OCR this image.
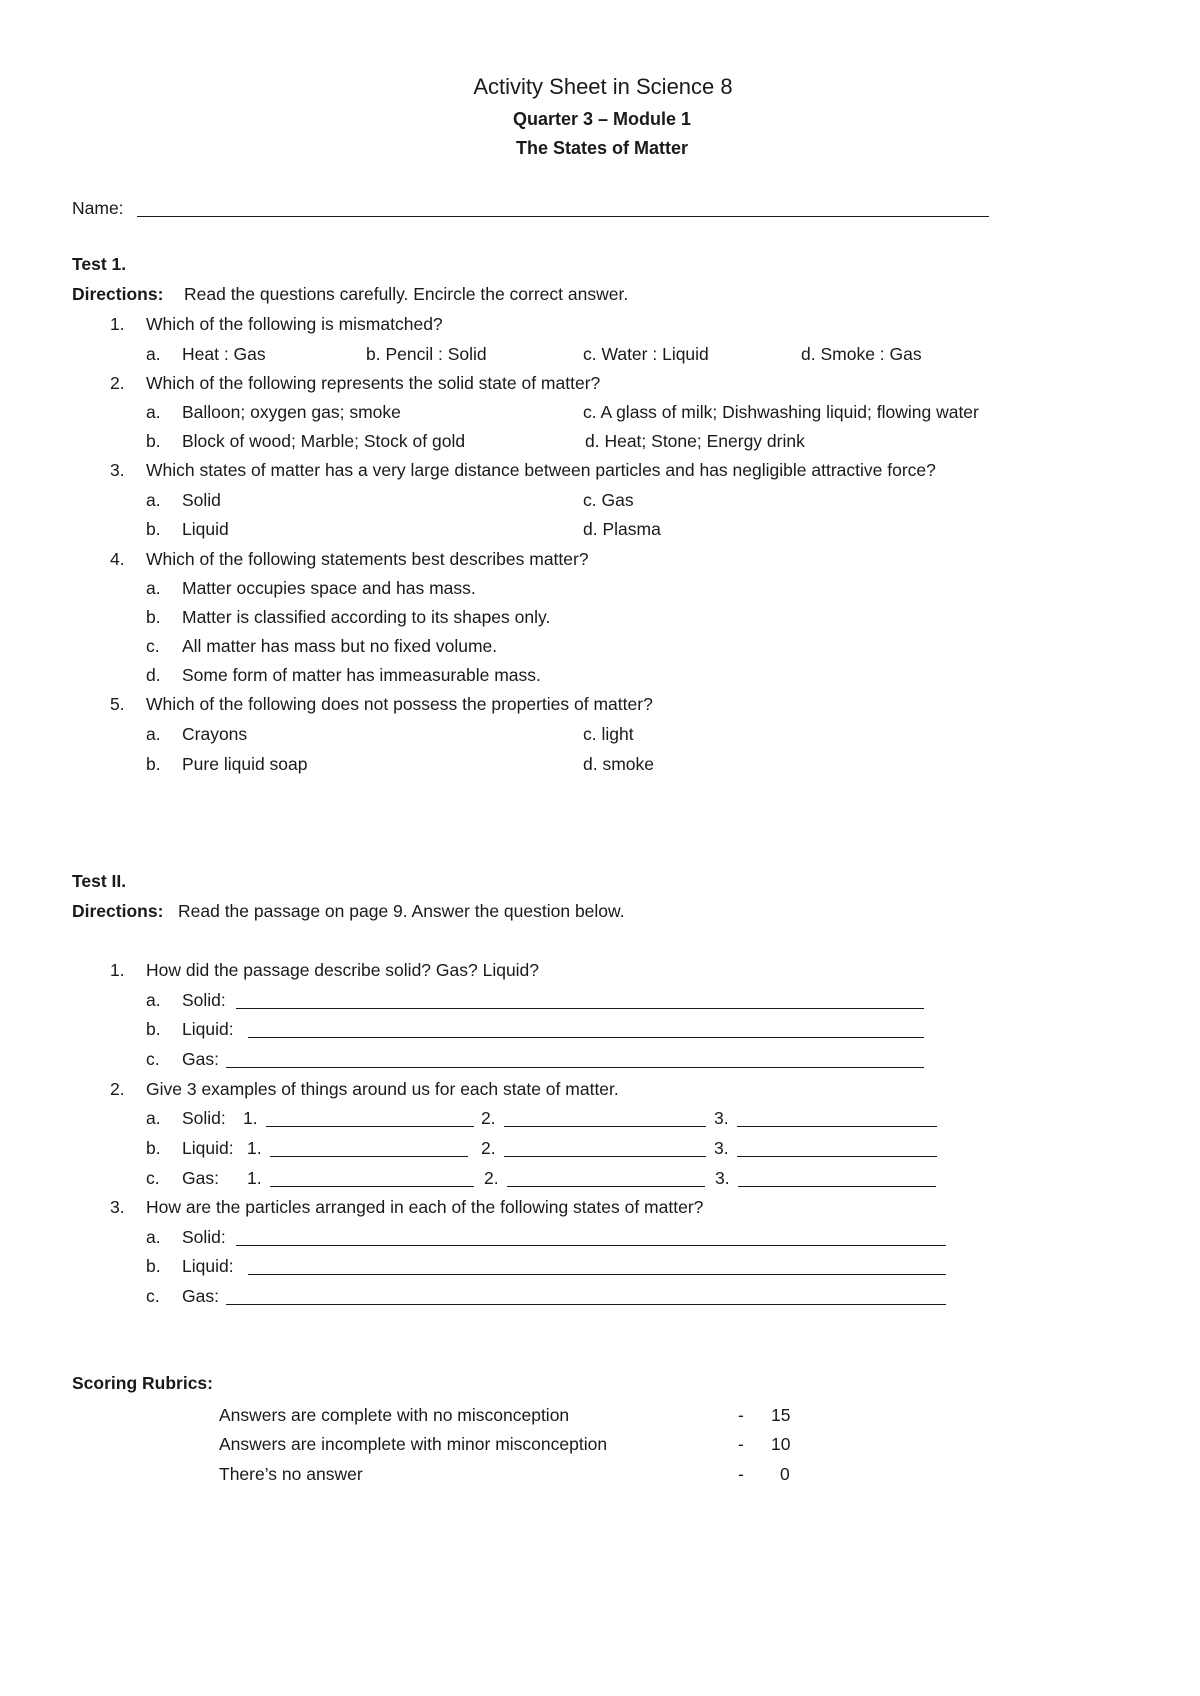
Activity Sheet in Science 8
Quarter 3 – Module 1
The States of Matter
Name:
Test 1.
Directions: Read the questions carefully. Encircle the correct answer.
1. Which of the following is mismatched?
a. Heat : Gas	b. Pencil : Solid	c. Water : Liquid	d. Smoke : Gas
2. Which of the following represents the solid state of matter?
a. Balloon; oxygen gas; smoke	c. A glass of milk; Dishwashing liquid; flowing water
b. Block of wood; Marble; Stock of gold	d. Heat; Stone; Energy drink
3. Which states of matter has a very large distance between particles and has negligible attractive force?
a. Solid	c. Gas
b. Liquid	d. Plasma
4. Which of the following statements best describes matter?
a. Matter occupies space and has mass.
b. Matter is classified according to its shapes only.
c. All matter has mass but no fixed volume.
d. Some form of matter has immeasurable mass.
5. Which of the following does not possess the properties of matter?
a. Crayons	c. light
b. Pure liquid soap	d. smoke
Test II.
Directions: Read the passage on page 9. Answer the question below.
1. How did the passage describe solid? Gas? Liquid?
a. Solid:
b. Liquid:
c. Gas:
2. Give 3 examples of things around us for each state of matter.
a. Solid: 1.	2.	3.
b. Liquid: 1.	2.	3.
c. Gas: 1.	2.	3.
3. How are the particles arranged in each of the following states of matter?
a. Solid:
b. Liquid:
c. Gas:
Scoring Rubrics:
Answers are complete with no misconception	- 15
Answers are incomplete with minor misconception	- 10
There’s no answer	- 0
